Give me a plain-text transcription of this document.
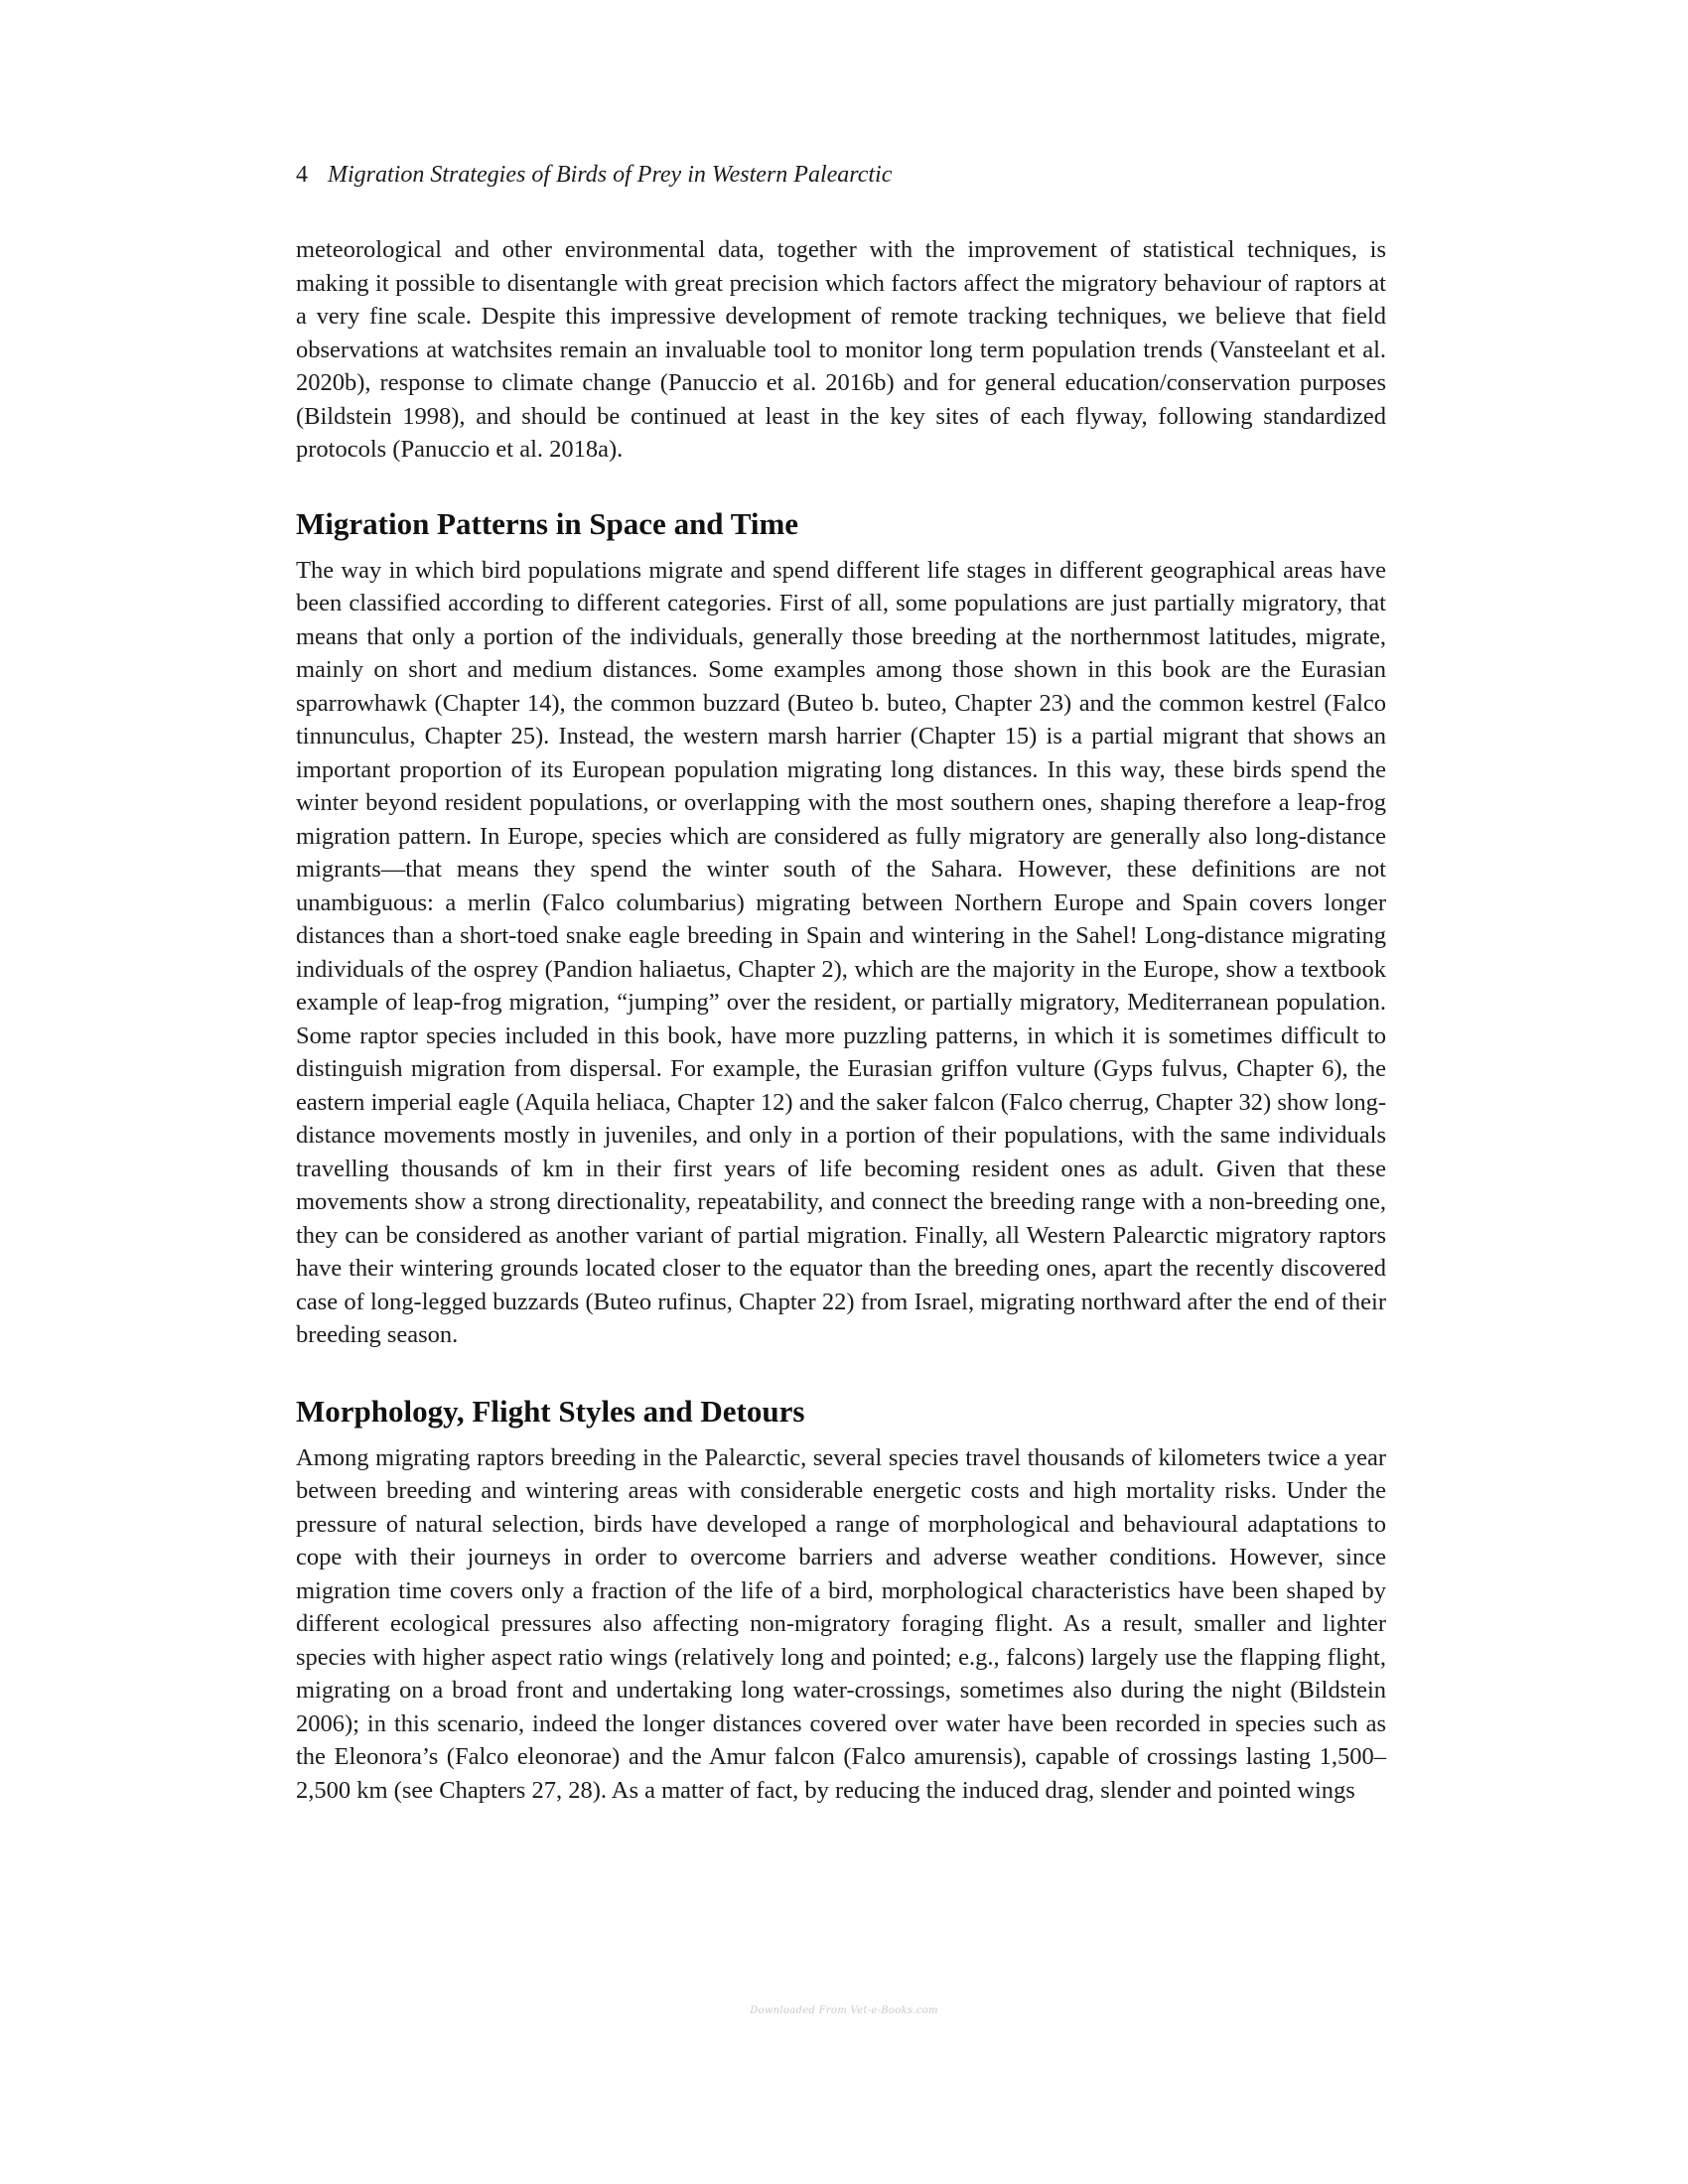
4 Migration Strategies of Birds of Prey in Western Palearctic

meteorological and other environmental data, together with the improvement of statistical techniques, is making it possible to disentangle with great precision which factors affect the migratory behaviour of raptors at a very fine scale. Despite this impressive development of remote tracking techniques, we believe that field observations at watchsites remain an invaluable tool to monitor long term population trends (Vansteelant et al. 2020b), response to climate change (Panuccio et al. 2016b) and for general education/conservation purposes (Bildstein 1998), and should be continued at least in the key sites of each flyway, following standardized protocols (Panuccio et al. 2018a).

Migration Patterns in Space and Time

The way in which bird populations migrate and spend different life stages in different geographical areas have been classified according to different categories. First of all, some populations are just partially migratory, that means that only a portion of the individuals, generally those breeding at the northernmost latitudes, migrate, mainly on short and medium distances. Some examples among those shown in this book are the Eurasian sparrowhawk (Chapter 14), the common buzzard (Buteo b. buteo, Chapter 23) and the common kestrel (Falco tinnunculus, Chapter 25). Instead, the western marsh harrier (Chapter 15) is a partial migrant that shows an important proportion of its European population migrating long distances. In this way, these birds spend the winter beyond resident populations, or overlapping with the most southern ones, shaping therefore a leap-frog migration pattern. In Europe, species which are considered as fully migratory are generally also long-distance migrants—that means they spend the winter south of the Sahara. However, these definitions are not unambiguous: a merlin (Falco columbarius) migrating between Northern Europe and Spain covers longer distances than a short-toed snake eagle breeding in Spain and wintering in the Sahel! Long-distance migrating individuals of the osprey (Pandion haliaetus, Chapter 2), which are the majority in the Europe, show a textbook example of leap-frog migration, “jumping” over the resident, or partially migratory, Mediterranean population. Some raptor species included in this book, have more puzzling patterns, in which it is sometimes difficult to distinguish migration from dispersal. For example, the Eurasian griffon vulture (Gyps fulvus, Chapter 6), the eastern imperial eagle (Aquila heliaca, Chapter 12) and the saker falcon (Falco cherrug, Chapter 32) show long-distance movements mostly in juveniles, and only in a portion of their populations, with the same individuals travelling thousands of km in their first years of life becoming resident ones as adult. Given that these movements show a strong directionality, repeatability, and connect the breeding range with a non-breeding one, they can be considered as another variant of partial migration. Finally, all Western Palearctic migratory raptors have their wintering grounds located closer to the equator than the breeding ones, apart the recently discovered case of long-legged buzzards (Buteo rufinus, Chapter 22) from Israel, migrating northward after the end of their breeding season.

Morphology, Flight Styles and Detours

Among migrating raptors breeding in the Palearctic, several species travel thousands of kilometers twice a year between breeding and wintering areas with considerable energetic costs and high mortality risks. Under the pressure of natural selection, birds have developed a range of morphological and behavioural adaptations to cope with their journeys in order to overcome barriers and adverse weather conditions. However, since migration time covers only a fraction of the life of a bird, morphological characteristics have been shaped by different ecological pressures also affecting non-migratory foraging flight. As a result, smaller and lighter species with higher aspect ratio wings (relatively long and pointed; e.g., falcons) largely use the flapping flight, migrating on a broad front and undertaking long water-crossings, sometimes also during the night (Bildstein 2006); in this scenario, indeed the longer distances covered over water have been recorded in species such as the Eleonora’s (Falco eleonorae) and the Amur falcon (Falco amurensis), capable of crossings lasting 1,500–2,500 km (see Chapters 27, 28). As a matter of fact, by reducing the induced drag, slender and pointed wings

Downloaded From Vet-e-Books.com
